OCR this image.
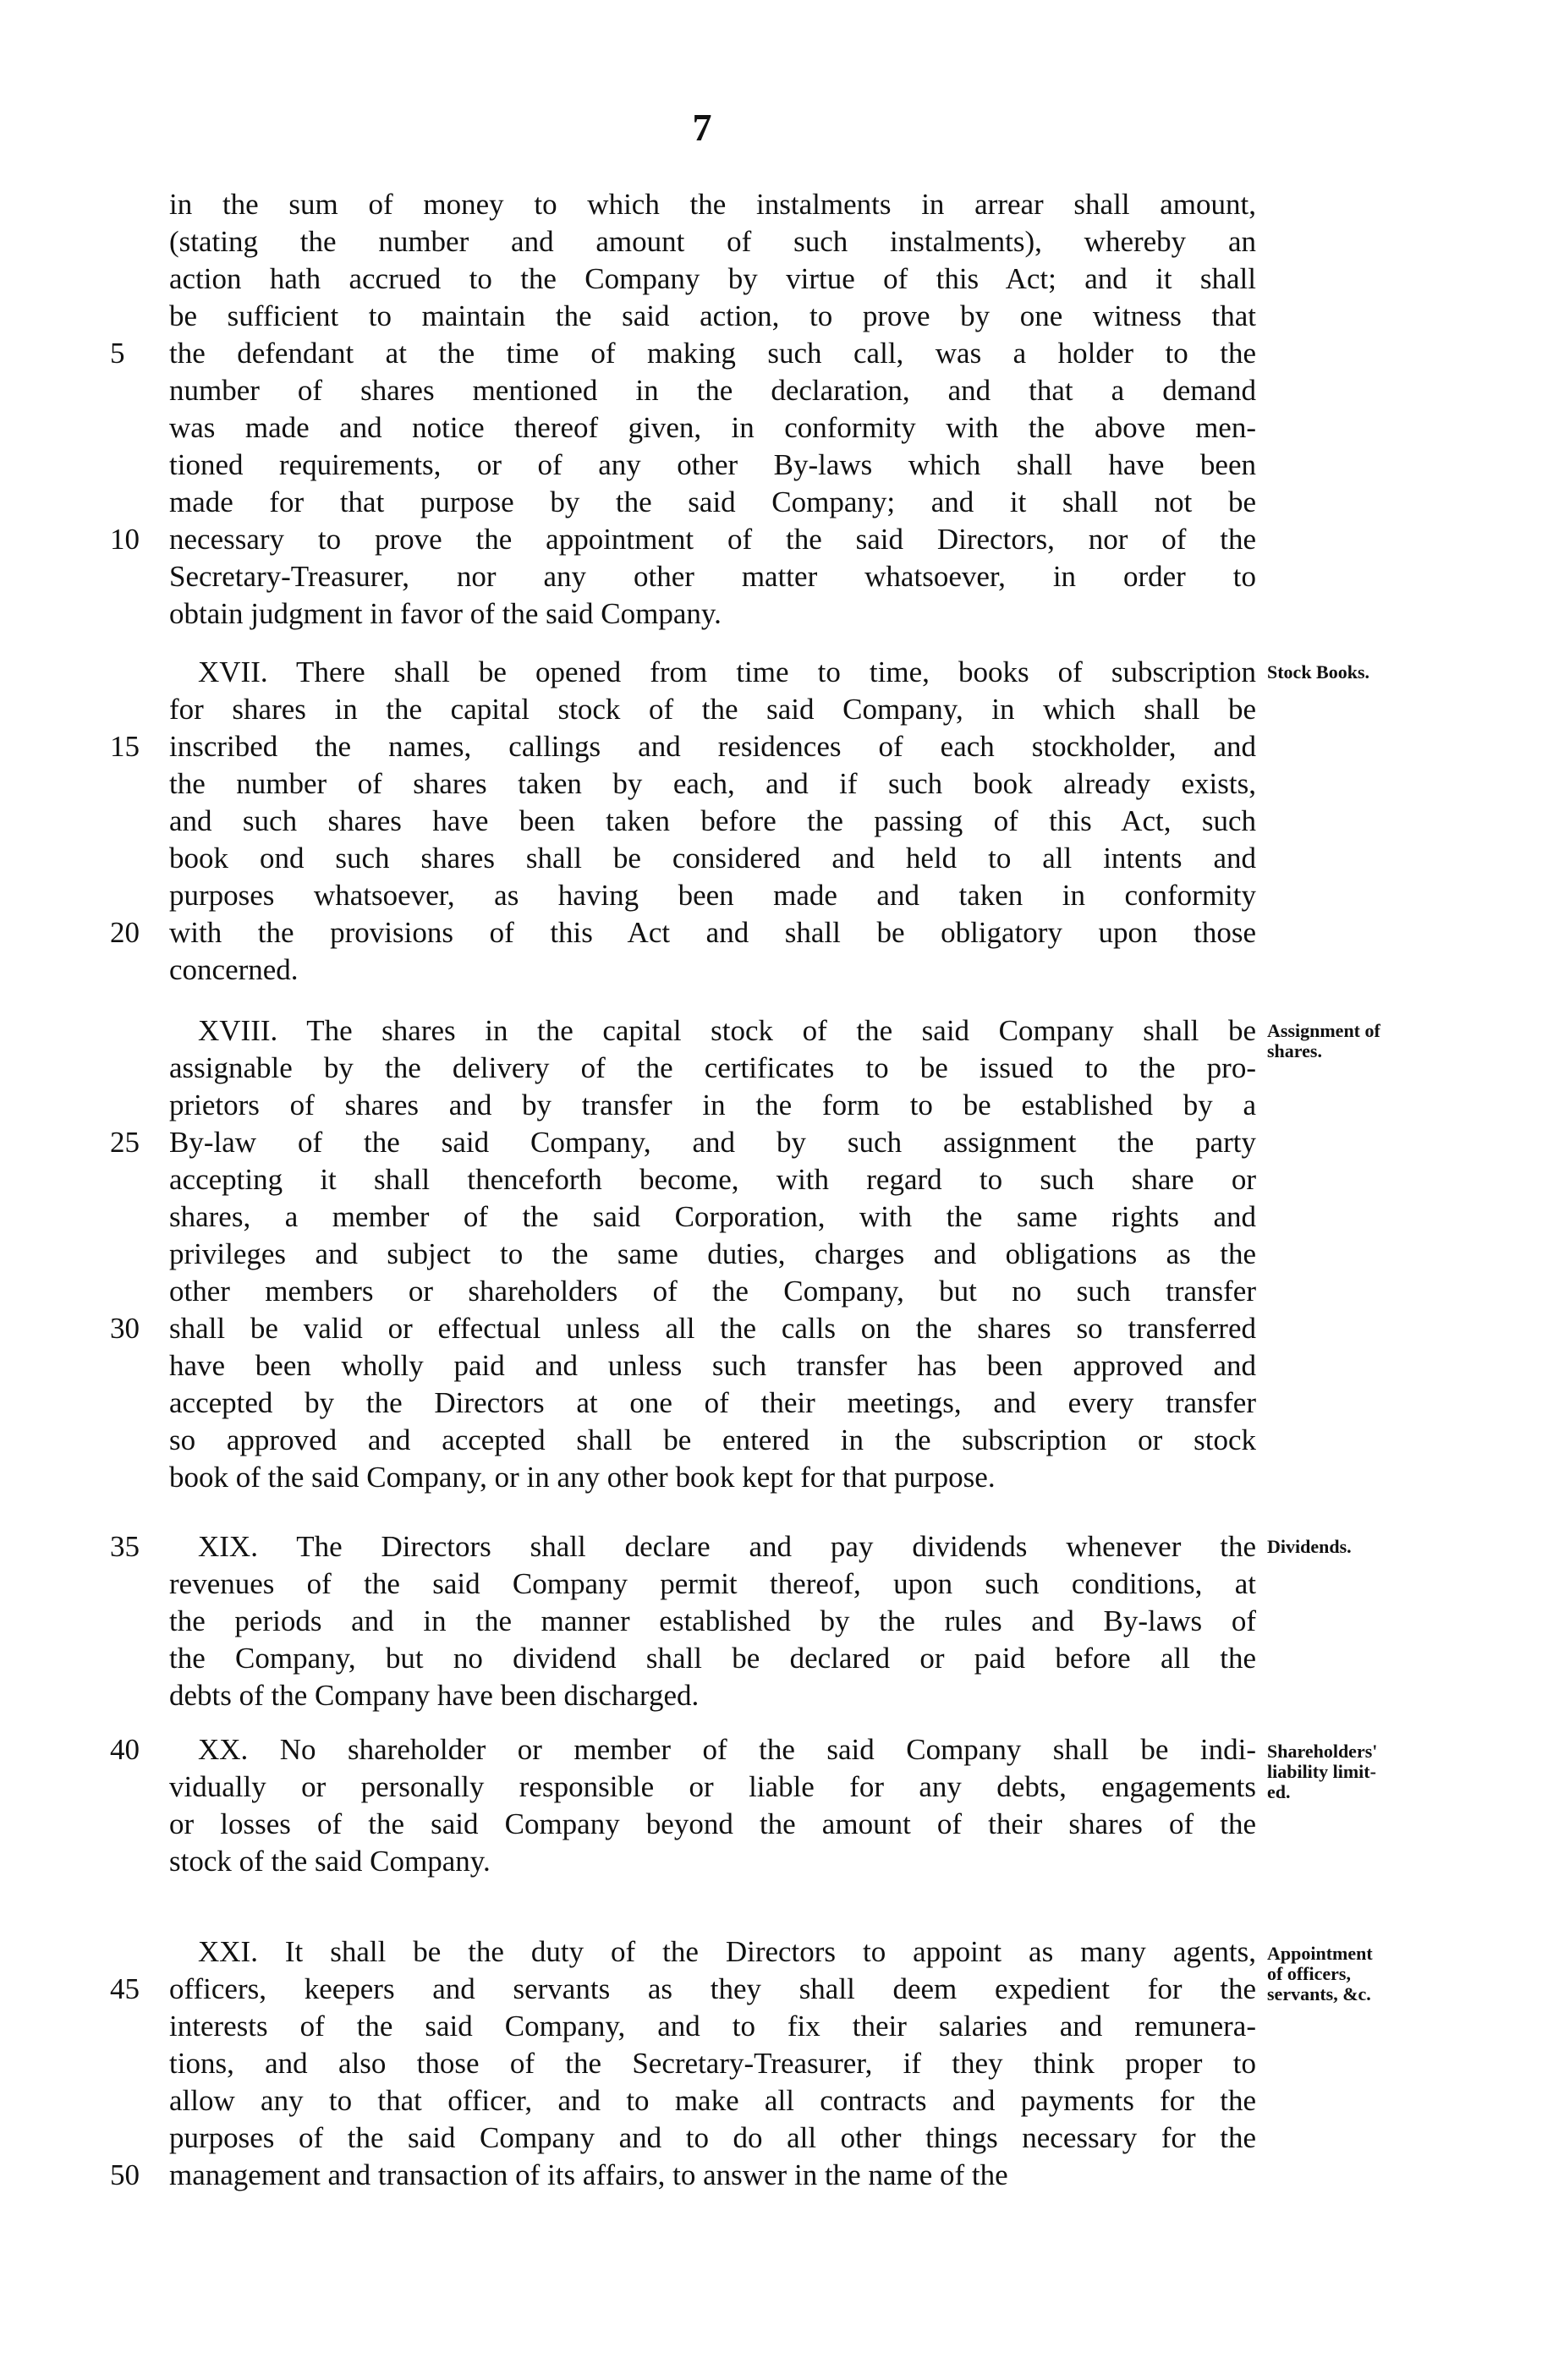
7
in the sum of money to which the instalments in arrear shall amount,
(stating the number and amount of such instalments), whereby an
action hath accrued to the Company by virtue of this Act; and it shall
be sufficient to maintain the said action, to prove by one witness that
5	the defendant at the time of making such call, was a holder to the
number of shares mentioned in the declaration, and that a demand
was made and notice thereof given, in conformity with the above men-
tioned requirements, or of any other By-laws which shall have been
made for that purpose by the said Company; and it shall not be
10	necessary to prove the appointment of the said Directors, nor of the
Secretary-Treasurer, nor any other matter whatsoever, in order to
obtain judgment in favor of the said Company.
XVII. There shall be opened from time to time, books of subscription
for shares in the capital stock of the said Company, in which shall be
15	inscribed the names, callings and residences of each stockholder, and
the number of shares taken by each, and if such book already exists,
and such shares have been taken before the passing of this Act, such
book ond such shares shall be considered and held to all intents and
purposes whatsoever, as having been made and taken in conformity
20	with the provisions of this Act and shall be obligatory upon those
concerned.
Stock Books.
XVIII. The shares in the capital stock of the said Company shall be
assignable by the delivery of the certificates to be issued to the pro-
prietors of shares and by transfer in the form to be established by a
25	By-law of the said Company, and by such assignment the party
accepting it shall thenceforth become, with regard to such share or
shares, a member of the said Corporation, with the same rights and
privileges and subject to the same duties, charges and obligations as the
other members or shareholders of the Company, but no such transfer
30	shall be valid or effectual unless all the calls on the shares so transferred
have been wholly paid and unless such transfer has been approved and
accepted by the Directors at one of their meetings, and every transfer
so approved and accepted shall be entered in the subscription or stock
book of the said Company, or in any other book kept for that purpose.
Assignment of
shares.
35	XIX. The Directors shall declare and pay dividends whenever the
revenues of the said Company permit thereof, upon such conditions, at
the periods and in the manner established by the rules and By-laws of
the Company, but no dividend shall be declared or paid before all the
debts of the Company have been discharged.
Dividends.
40	XX. No shareholder or member of the said Company shall be indi-
vidually or personally responsible or liable for any debts, engagements
or losses of the said Company beyond the amount of their shares of the
stock of the said Company.
Shareholders'
liability limit-
ed.
XXI. It shall be the duty of the Directors to appoint as many agents,
45	officers, keepers and servants as they shall deem expedient for the
interests of the said Company, and to fix their salaries and remunera-
tions, and also those of the Secretary-Treasurer, if they think proper to
allow any to that officer, and to make all contracts and payments for the
purposes of the said Company and to do all other things necessary for the
50	management and transaction of its affairs, to answer in the name of the
Appointment
of officers,
servants, &c.
